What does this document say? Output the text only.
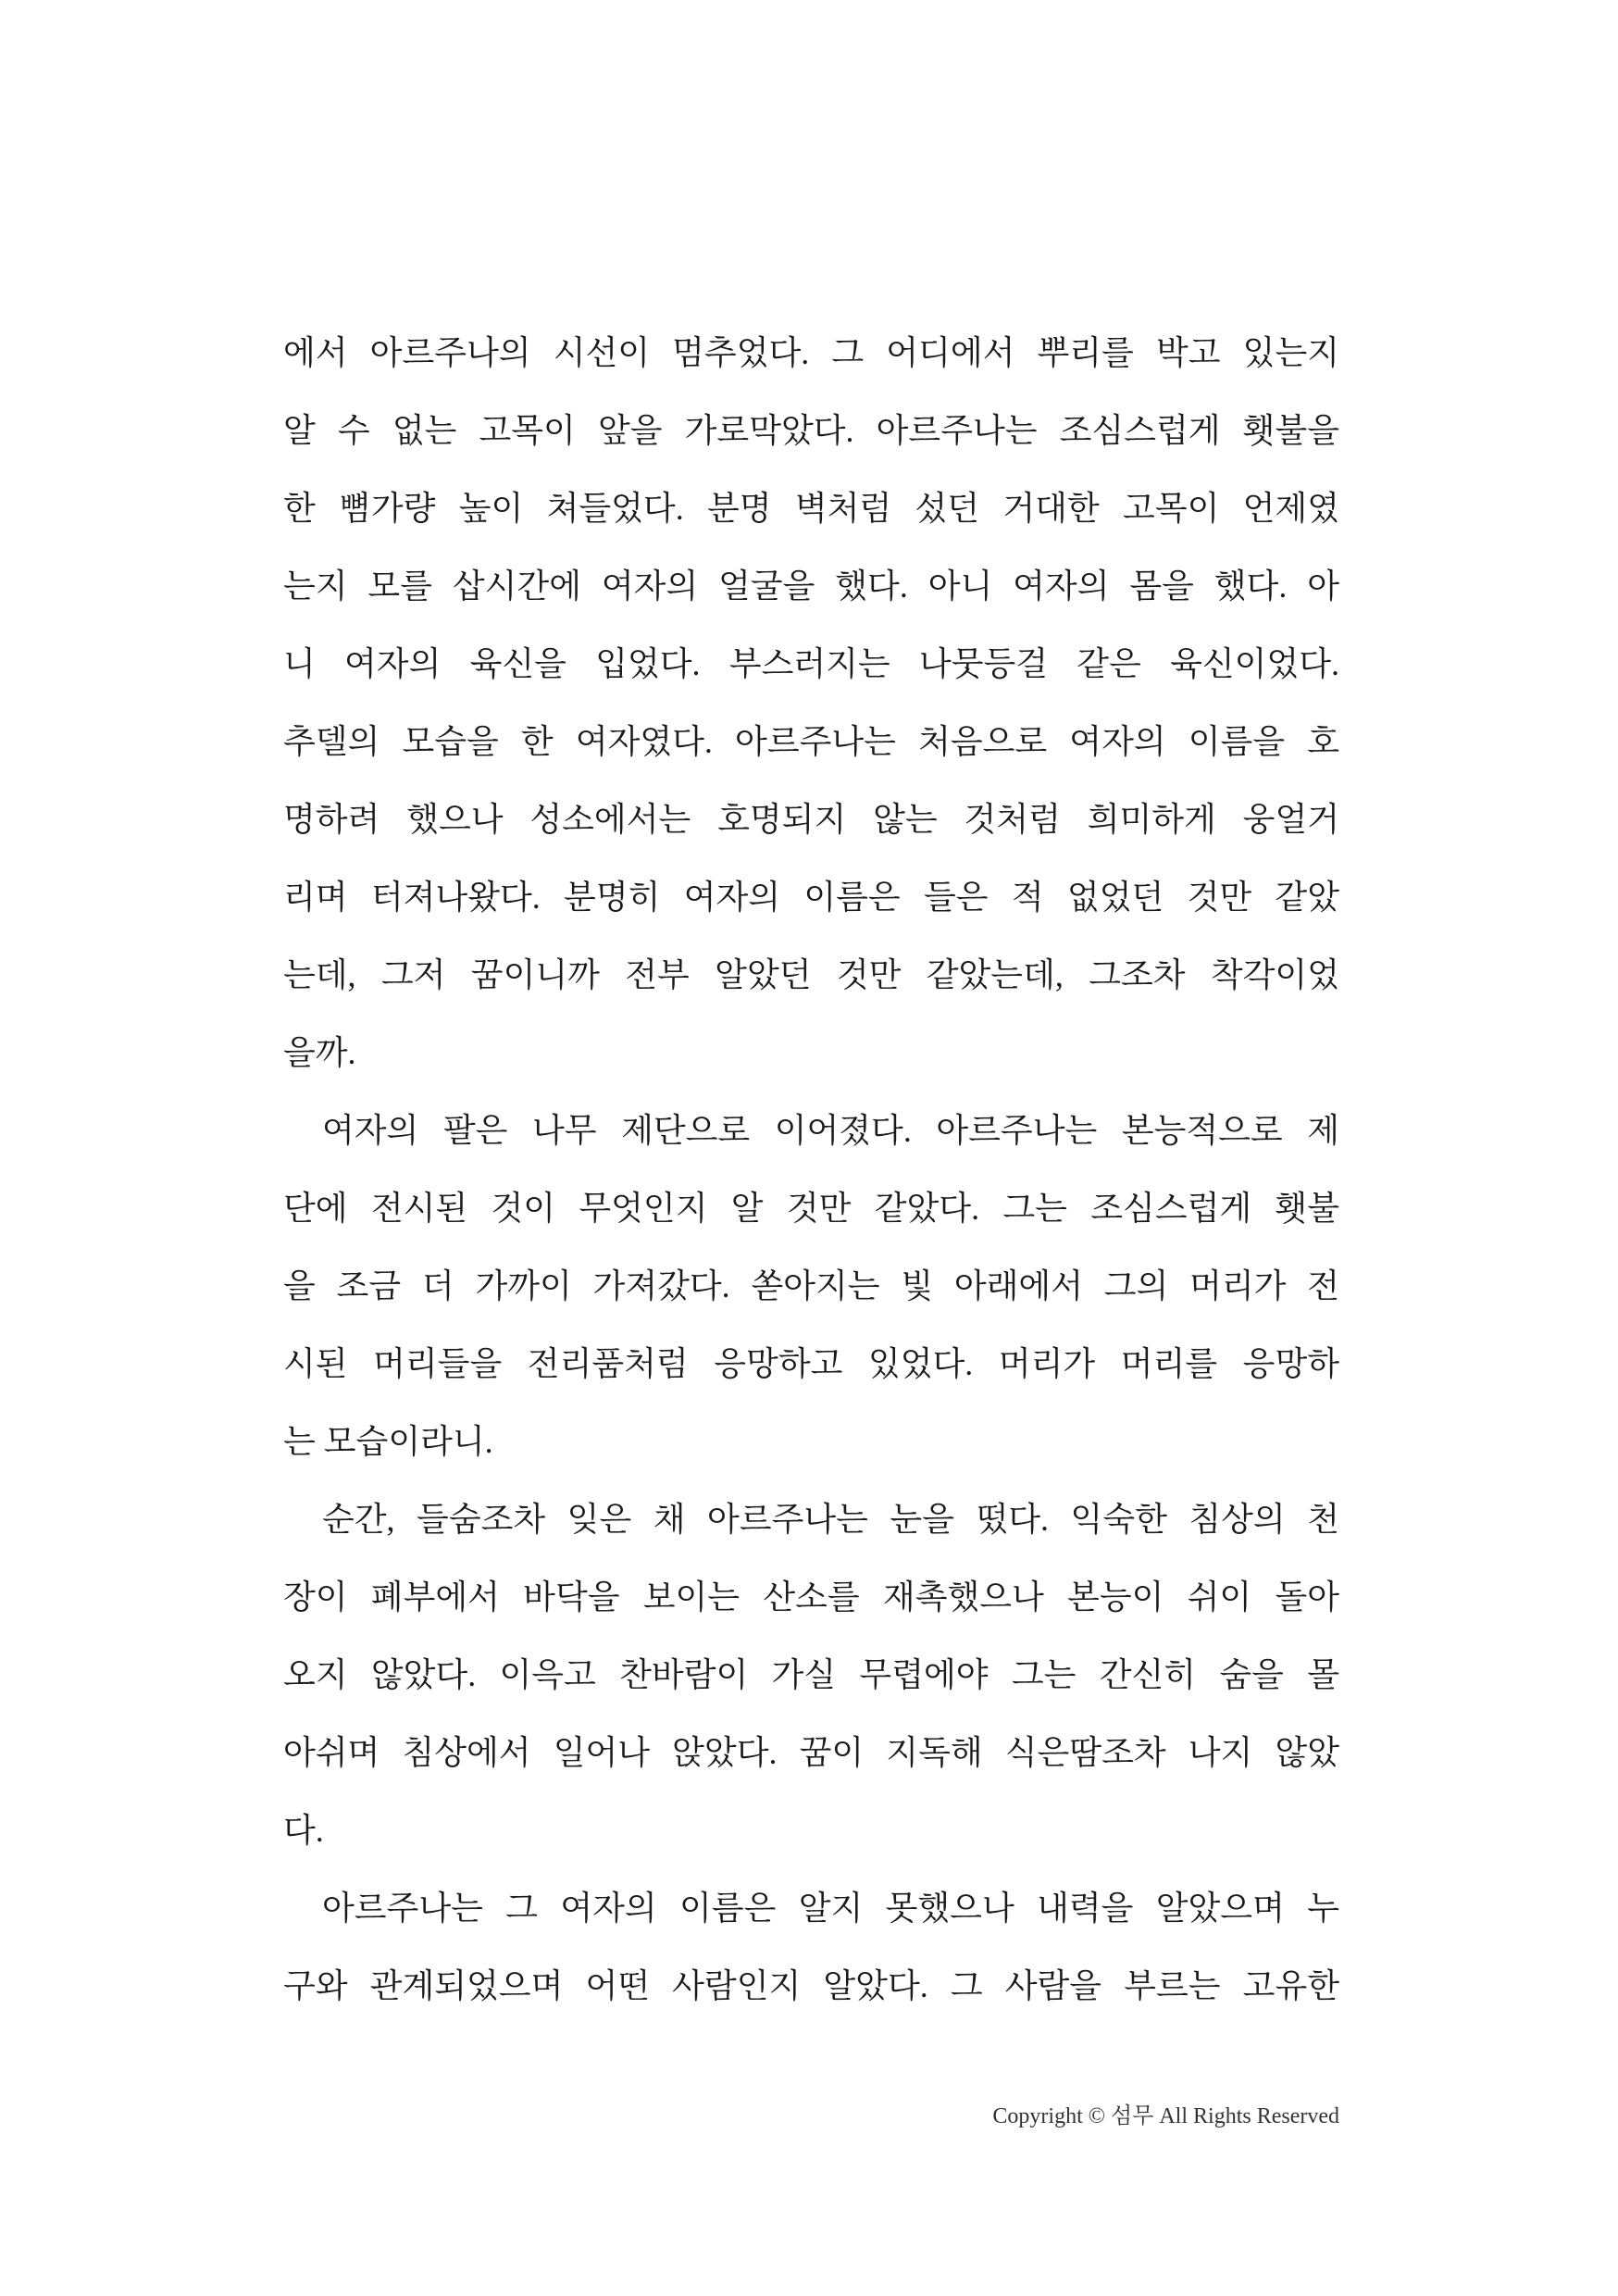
에서 아르주나의 시선이 멈추었다. 그 어디에서 뿌리를 박고 있는지
알 수 없는 고목이 앞을 가로막았다. 아르주나는 조심스럽게 횃불을
한 뼘가량 높이 쳐들었다. 분명 벽처럼 섰던 거대한 고목이 언제였
는지 모를 삽시간에 여자의 얼굴을 했다. 아니 여자의 몸을 했다. 아
니 여자의 육신을 입었다. 부스러지는 나뭇등걸 같은 육신이었다.
추델의 모습을 한 여자였다. 아르주나는 처음으로 여자의 이름을 호
명하려 했으나 성소에서는 호명되지 않는 것처럼 희미하게 웅얼거
리며 터져나왔다. 분명히 여자의 이름은 들은 적 없었던 것만 같았
는데, 그저 꿈이니까 전부 알았던 것만 같았는데, 그조차 착각이었
을까.
여자의 팔은 나무 제단으로 이어졌다. 아르주나는 본능적으로 제
단에 전시된 것이 무엇인지 알 것만 같았다. 그는 조심스럽게 횃불
을 조금 더 가까이 가져갔다. 쏟아지는 빛 아래에서 그의 머리가 전
시된 머리들을 전리품처럼 응망하고 있었다. 머리가 머리를 응망하
는 모습이라니.
순간, 들숨조차 잊은 채 아르주나는 눈을 떴다. 익숙한 침상의 천
장이 폐부에서 바닥을 보이는 산소를 재촉했으나 본능이 쉬이 돌아
오지 않았다. 이윽고 찬바람이 가실 무렵에야 그는 간신히 숨을 몰
아쉬며 침상에서 일어나 앉았다. 꿈이 지독해 식은땀조차 나지 않았
다.
아르주나는 그 여자의 이름은 알지 못했으나 내력을 알았으며 누
구와 관계되었으며 어떤 사람인지 알았다. 그 사람을 부르는 고유한
Copyright © 섬무 All Rights Reserved
